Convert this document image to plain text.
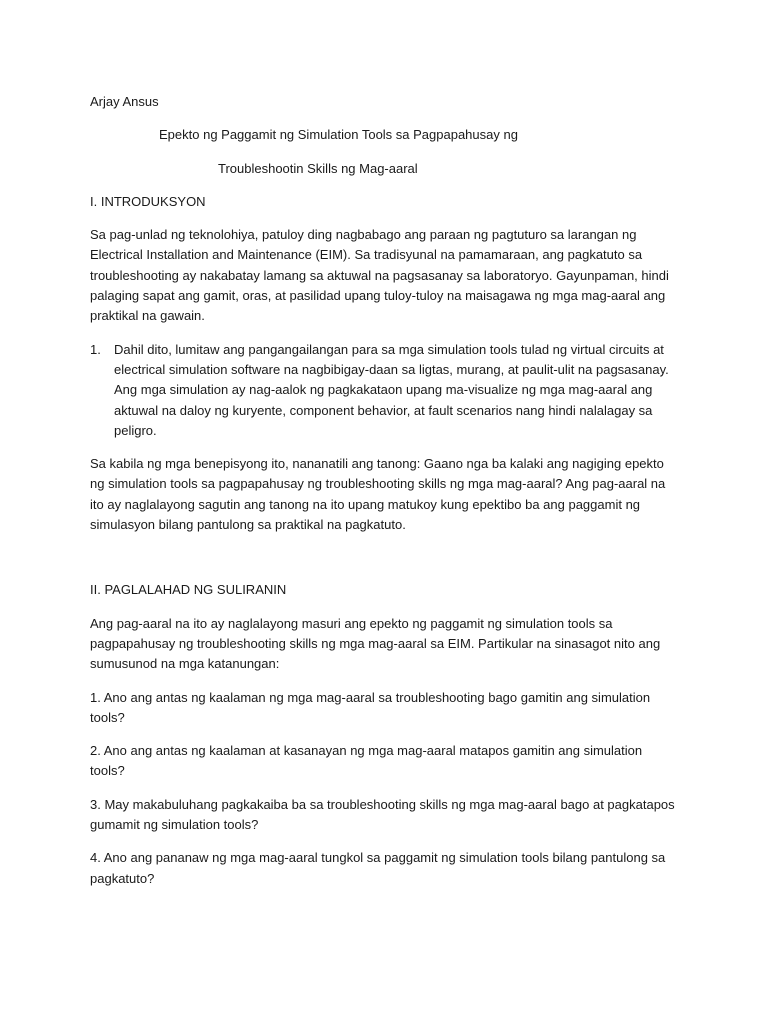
Arjay Ansus
Epekto ng Paggamit ng Simulation Tools sa Pagpapahusay ng
Troubleshootin Skills ng Mag-aaral
I. INTRODUKSYON
Sa pag-unlad ng teknolohiya, patuloy ding nagbabago ang paraan ng pagtuturo sa larangan ng Electrical Installation and Maintenance (EIM). Sa tradisyunal na pamamaraan, ang pagkatuto sa troubleshooting ay nakabatay lamang sa aktuwal na pagsasanay sa laboratoryo. Gayunpaman, hindi palaging sapat ang gamit, oras, at pasilidad upang tuloy-tuloy na maisagawa ng mga mag-aaral ang praktikal na gawain.
1. Dahil dito, lumitaw ang pangangailangan para sa mga simulation tools tulad ng virtual circuits at electrical simulation software na nagbibigay-daan sa ligtas, murang, at paulit-ulit na pagsasanay. Ang mga simulation ay nag-aalok ng pagkakataon upang ma-visualize ng mga mag-aaral ang aktuwal na daloy ng kuryente, component behavior, at fault scenarios nang hindi nalalagay sa peligro.
Sa kabila ng mga benepisyong ito, nananatili ang tanong: Gaano nga ba kalaki ang nagiging epekto ng simulation tools sa pagpapahusay ng troubleshooting skills ng mga mag-aaral? Ang pag-aaral na ito ay naglalayong sagutin ang tanong na ito upang matukoy kung epektibo ba ang paggamit ng simulasyon bilang pantulong sa praktikal na pagkatuto.
II. PAGLALAHAD NG SULIRANIN
Ang pag-aaral na ito ay naglalayong masuri ang epekto ng paggamit ng simulation tools sa pagpapahusay ng troubleshooting skills ng mga mag-aaral sa EIM. Partikular na sinasagot nito ang sumusunod na mga katanungan:
1. Ano ang antas ng kaalaman ng mga mag-aaral sa troubleshooting bago gamitin ang simulation tools?
2. Ano ang antas ng kaalaman at kasanayan ng mga mag-aaral matapos gamitin ang simulation tools?
3. May makabuluhang pagkakaiba ba sa troubleshooting skills ng mga mag-aaral bago at pagkatapos gumamit ng simulation tools?
4. Ano ang pananaw ng mga mag-aaral tungkol sa paggamit ng simulation tools bilang pantulong sa pagkatuto?
